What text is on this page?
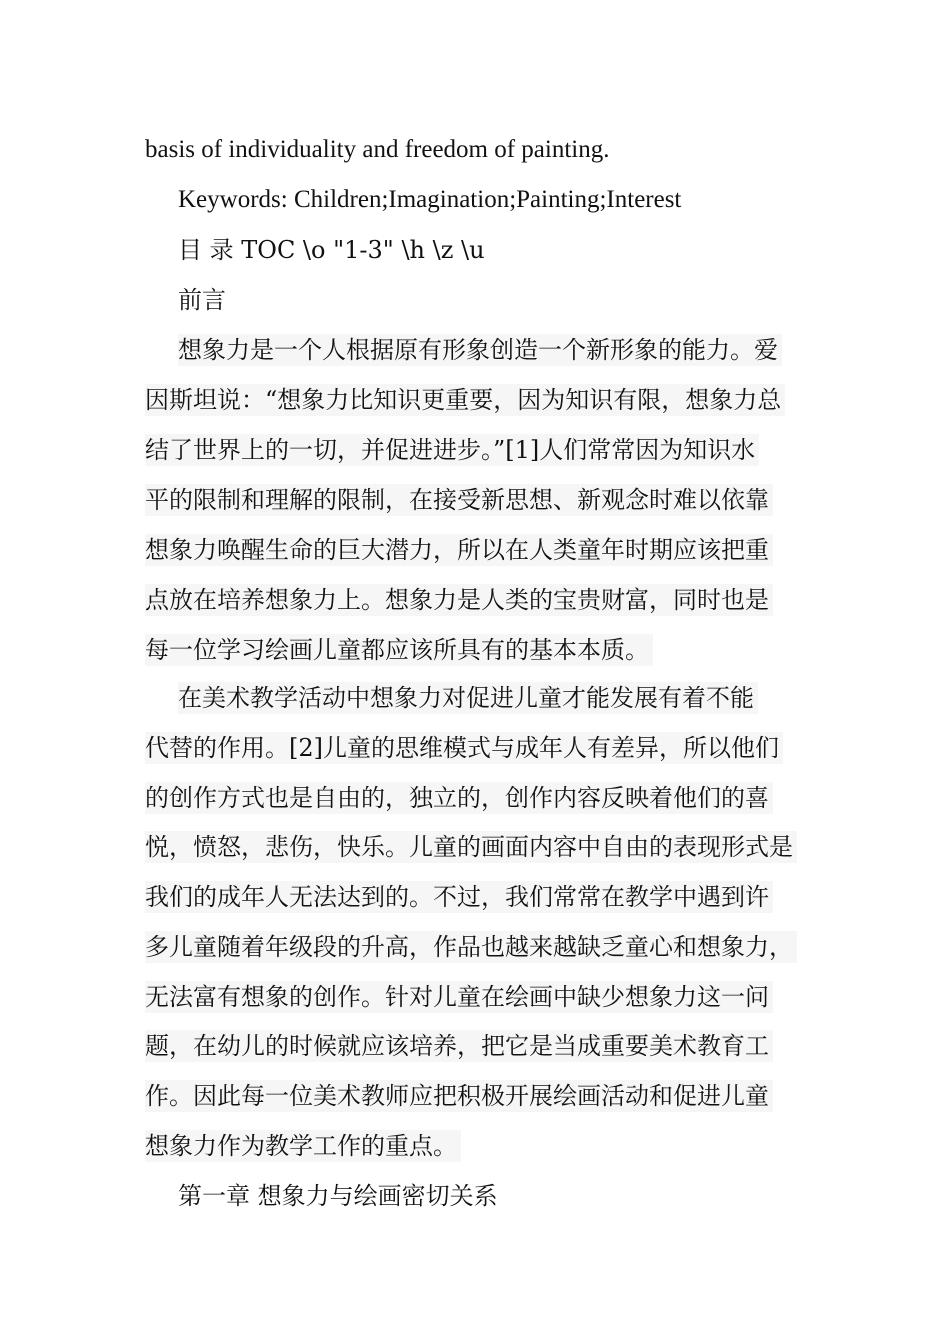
basis of individuality and freedom of painting.
Keywords: Children;Imagination;Painting;Interest
目 录 TOC \o "1-3" \h \z \u
前言
想象力是一个人根据原有形象创造一个新形象的能力。爱
因斯坦说：“想象力比知识更重要，因为知识有限，想象力总
结了世界上的一切，并促进进步。”[1]人们常常因为知识水
平的限制和理解的限制，在接受新思想、新观念时难以依靠
想象力唤醒生命的巨大潜力，所以在人类童年时期应该把重
点放在培养想象力上。想象力是人类的宝贵财富，同时也是
每一位学习绘画儿童都应该所具有的基本本质。
在美术教学活动中想象力对促进儿童才能发展有着不能
代替的作用。[2]儿童的思维模式与成年人有差异，所以他们
的创作方式也是自由的，独立的，创作内容反映着他们的喜
悦，愤怒，悲伤，快乐。儿童的画面内容中自由的表现形式是
我们的成年人无法达到的。不过，我们常常在教学中遇到许
多儿童随着年级段的升高，作品也越来越缺乏童心和想象力，
无法富有想象的创作。针对儿童在绘画中缺少想象力这一问
题，在幼儿的时候就应该培养，把它是当成重要美术教育工
作。因此每一位美术教师应把积极开展绘画活动和促进儿童
想象力作为教学工作的重点。
第一章 想象力与绘画密切关系
